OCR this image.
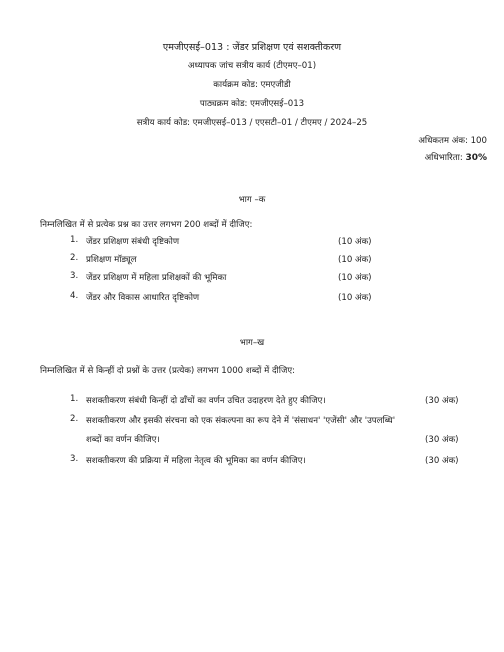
एमजीएसई–013 : जेंडर प्रशिक्षण एवं सशक्तीकरण
अध्यापक जांच सत्रीय कार्य (टीएमए–01)
कार्यक्रम कोड: एमएजीडी
पाठ्यक्रम कोड: एमजीएसई–013
सत्रीय कार्य कोड: एमजीएसई–013 / एएसटी–01 / टीएमए / 2024–25
अधिकतम अंक: 100
अधिभारिता: 30%
भाग –क
निम्नलिखित में से प्रत्येक प्रश्न का उत्तर लगभग 200 शब्दों में दीजिए:
1. जेंडर प्रशिक्षण संबंधी दृष्टिकोण	(10 अंक)
2. प्रशिक्षण मॉड्यूल	(10 अंक)
3. जेंडर प्रशिक्षण में महिला प्रशिक्षकों की भूमिका	(10 अंक)
4. जेंडर और विकास आधारित दृष्टिकोण	(10 अंक)
भाग–ख
निम्नलिखित में से किन्हीं दो प्रश्नों के उत्तर (प्रत्येक) लगभग 1000 शब्दों में दीजिए:
1. सशक्तीकरण संबंधी किन्हीं दो ढाँचों का वर्णन उचित उदाहरण देते हुए कीजिए।	(30 अंक)
2. सशक्तीकरण और इसकी संरचना को एक संकल्पना का रूप देने में 'संसाधन' 'एजेंसी' और 'उपलब्धि'
शब्दों का वर्णन कीजिए।	(30 अंक)
3. सशक्तीकरण की प्रक्रिया में महिला नेतृत्व की भूमिका का वर्णन कीजिए।	(30 अंक)
